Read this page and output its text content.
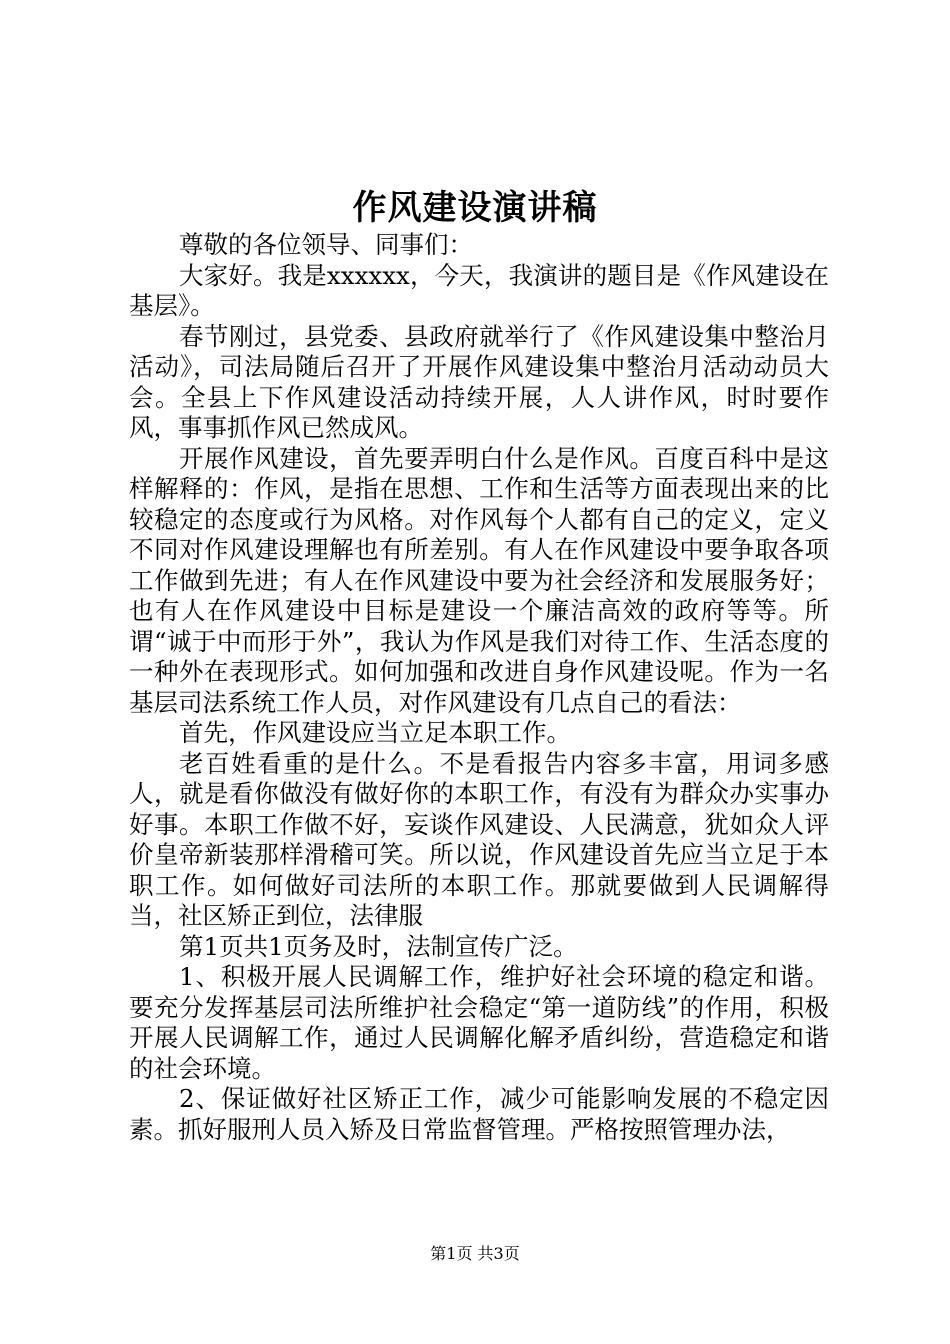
作风建设演讲稿

尊敬的各位领导、同事们：

大家好。我是xxxxxx，今天，我演讲的题目是《作风建设在基层》。

春节刚过，县党委、县政府就举行了《作风建设集中整治月活动》，司法局随后召开了开展作风建设集中整治月活动动员大会。全县上下作风建设活动持续开展，人人讲作风，时时要作风，事事抓作风已然成风。

开展作风建设，首先要弄明白什么是作风。百度百科中是这样解释的：作风，是指在思想、工作和生活等方面表现出来的比较稳定的态度或行为风格。对作风每个人都有自己的定义，定义不同对作风建设理解也有所差别。有人在作风建设中要争取各项工作做到先进；有人在作风建设中要为社会经济和发展服务好；也有人在作风建设中目标是建设一个廉洁高效的政府等等。所谓“诚于中而形于外”，我认为作风是我们对待工作、生活态度的一种外在表现形式。如何加强和改进自身作风建设呢。作为一名基层司法系统工作人员，对作风建设有几点自己的看法：

首先，作风建设应当立足本职工作。

老百姓看重的是什么。不是看报告内容多丰富，用词多感人，就是看你做没有做好你的本职工作，有没有为群众办实事办好事。本职工作做不好，妄谈作风建设、人民满意，犹如众人评价皇帝新装那样滑稽可笑。所以说，作风建设首先应当立足于本职工作。如何做好司法所的本职工作。那就要做到人民调解得当，社区矫正到位，法律服

第1页共1页务及时，法制宣传广泛。

1、积极开展人民调解工作，维护好社会环境的稳定和谐。要充分发挥基层司法所维护社会稳定“第一道防线”的作用，积极开展人民调解工作，通过人民调解化解矛盾纠纷，营造稳定和谐的社会环境。

2、保证做好社区矫正工作，减少可能影响发展的不稳定因素。抓好服刑人员入矫及日常监督管理。严格按照管理办法，

第1页 共3页
